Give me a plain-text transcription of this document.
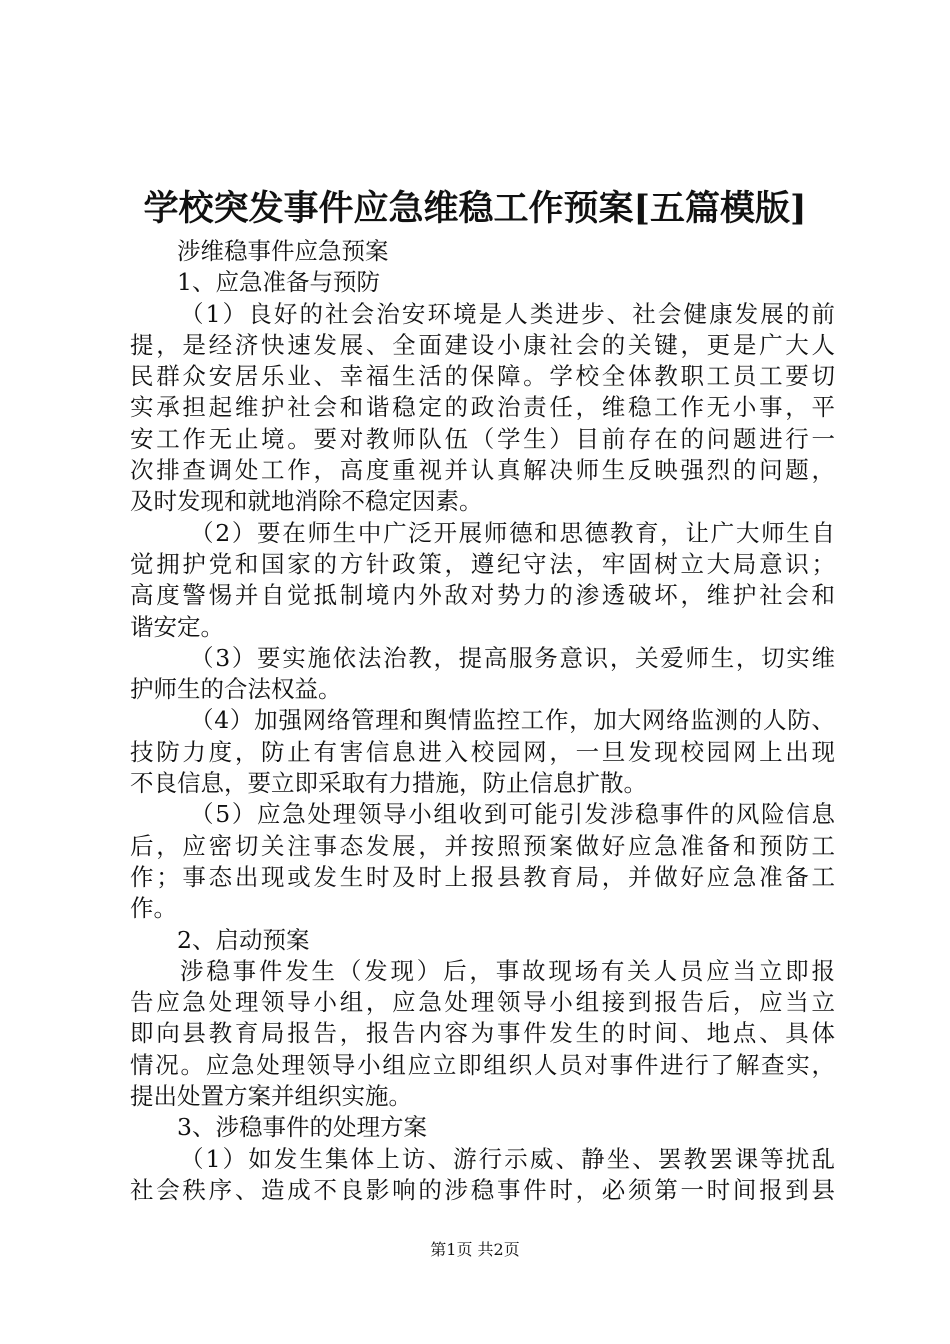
学校突发事件应急维稳工作预案[五篇模版]
涉维稳事件应急预案
1、应急准备与预防
（1）良好的社会治安环境是人类进步、社会健康发展的前
提，是经济快速发展、全面建设小康社会的关键，更是广大人
民群众安居乐业、幸福生活的保障。学校全体教职工员工要切
实承担起维护社会和谐稳定的政治责任，维稳工作无小事，平
安工作无止境。要对教师队伍（学生）目前存在的问题进行一
次排查调处工作，高度重视并认真解决师生反映强烈的问题，
及时发现和就地消除不稳定因素。
（2）要在师生中广泛开展师德和思德教育，让广大师生自
觉拥护党和国家的方针政策，遵纪守法，牢固树立大局意识；
高度警惕并自觉抵制境内外敌对势力的渗透破坏，维护社会和
谐安定。
（3）要实施依法治教，提高服务意识，关爱师生，切实维
护师生的合法权益。
（4）加强网络管理和舆情监控工作，加大网络监测的人防、
技防力度，防止有害信息进入校园网，一旦发现校园网上出现
不良信息，要立即采取有力措施，防止信息扩散。
（5）应急处理领导小组收到可能引发涉稳事件的风险信息
后，应密切关注事态发展，并按照预案做好应急准备和预防工
作；事态出现或发生时及时上报县教育局，并做好应急准备工
作。
2、启动预案
涉稳事件发生（发现）后，事故现场有关人员应当立即报
告应急处理领导小组，应急处理领导小组接到报告后，应当立
即向县教育局报告，报告内容为事件发生的时间、地点、具体
情况。应急处理领导小组应立即组织人员对事件进行了解查实，
提出处置方案并组织实施。
3、涉稳事件的处理方案
（1）如发生集体上访、游行示威、静坐、罢教罢课等扰乱
社会秩序、造成不良影响的涉稳事件时，必须第一时间报到县
第1页 共2页
